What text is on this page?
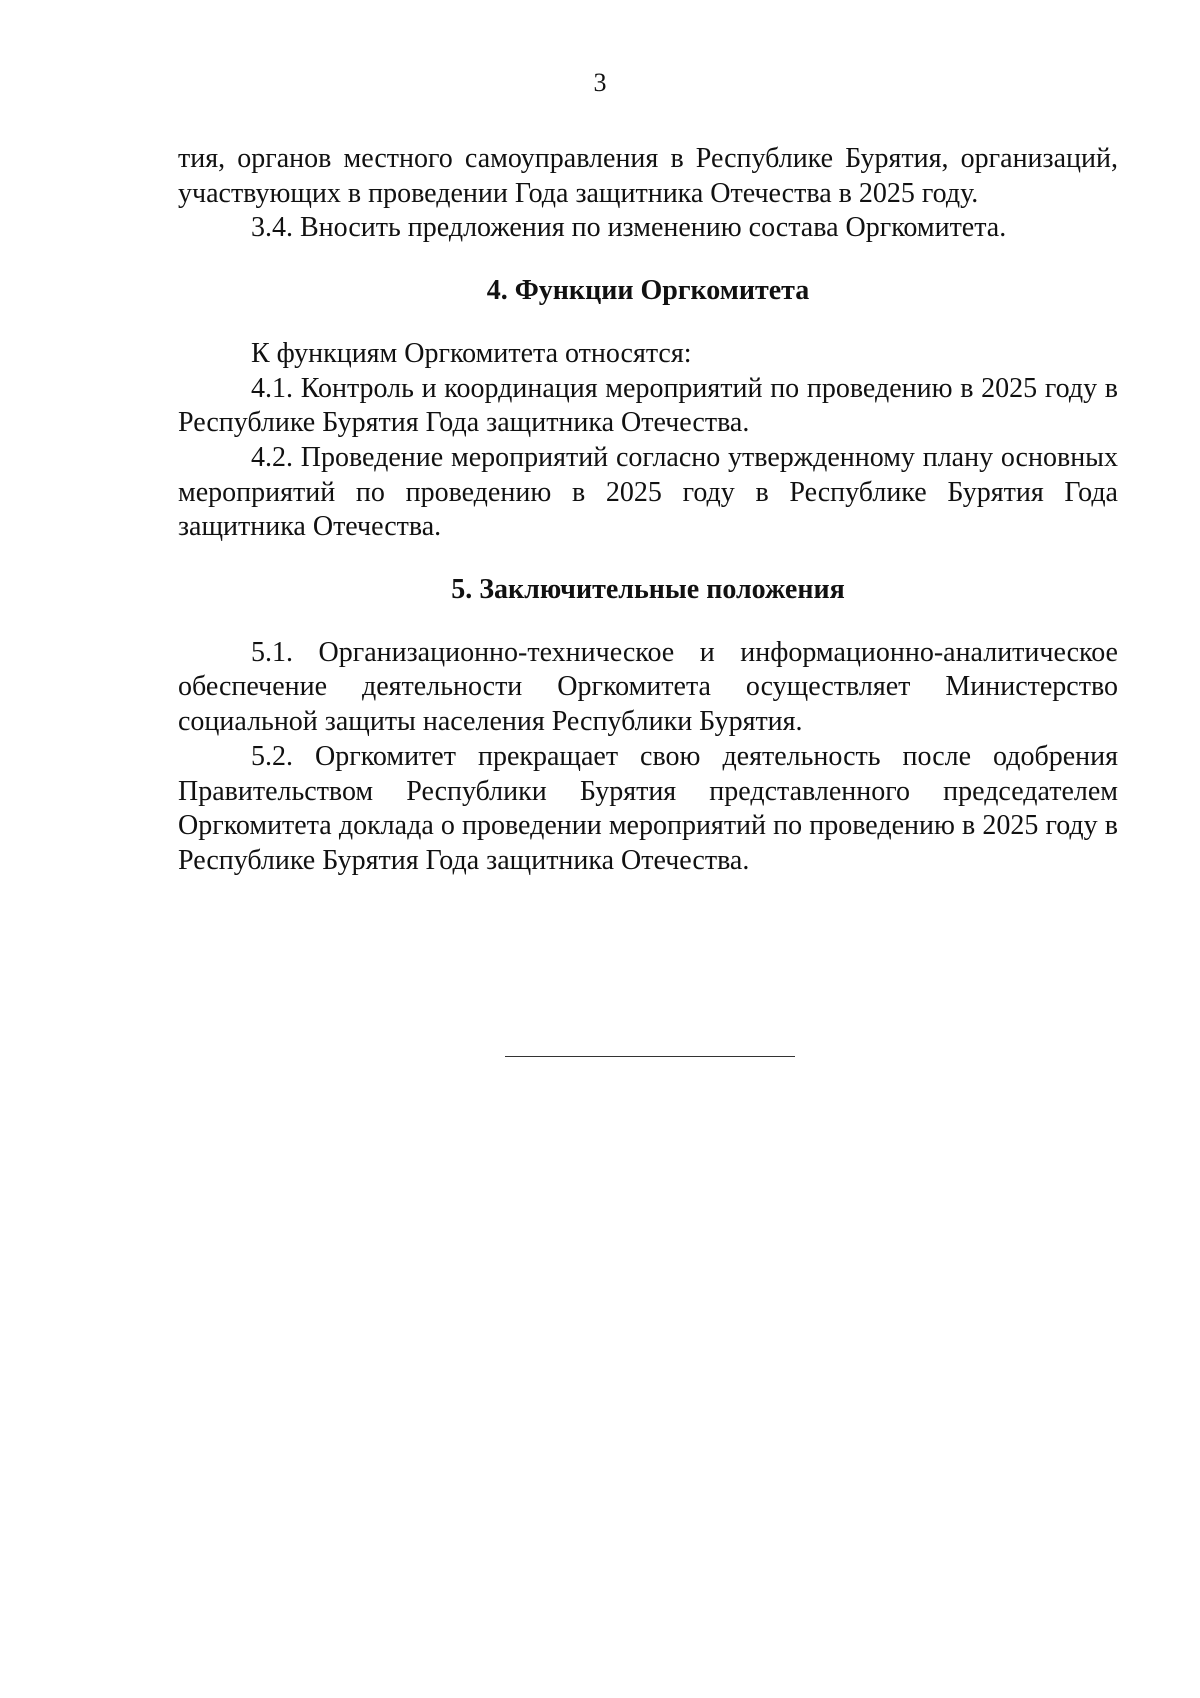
3

тия, органов местного самоуправления в Республике Бурятия, организаций, участвующих в проведении Года защитника Отечества в 2025 году.

3.4. Вносить предложения по изменению состава Оргкомитета.

4. Функции Оргкомитета

К функциям Оргкомитета относятся:

4.1. Контроль и координация мероприятий по проведению в 2025 году в Республике Бурятия Года защитника Отечества.

4.2. Проведение мероприятий согласно утвержденному плану основных мероприятий по проведению в 2025 году в Республике Бурятия Года защитника Отечества.

5. Заключительные положения

5.1. Организационно-техническое и информационно-аналитическое обеспечение деятельности Оргкомитета осуществляет Министерство социальной защиты населения Республики Бурятия.

5.2. Оргкомитет прекращает свою деятельность после одобрения Правительством Республики Бурятия представленного председателем Оргкомитета доклада о проведении мероприятий по проведению в 2025 году в Республике Бурятия Года защитника Отечества.
